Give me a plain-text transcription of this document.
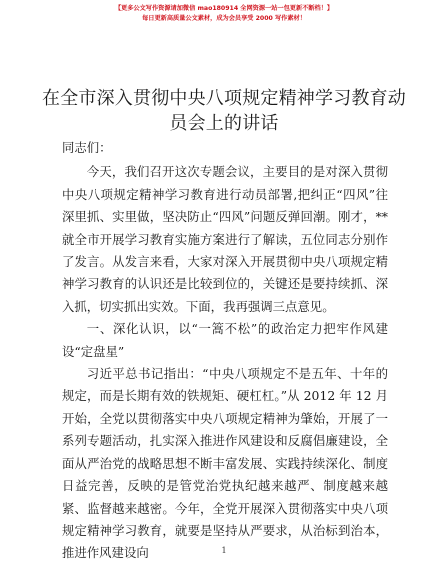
【更多公文写作资源请加微信 mao180914 全网资源一站一包更新不断档！】
每日更新高质量公文素材，成为会员享受 2000 写作素材！
在全市深入贯彻中央八项规定精神学习教育动
员会上的讲话

同志们：

今天，我们召开这次专题会议，主要目的是对深入贯彻中央八项规定精神学习教育进行动员部署,把纠正“四风”往深里抓、实里做，坚决防止“四风”问题反弹回潮。刚才，**就全市开展学习教育实施方案进行了解读，五位同志分别作了发言。从发言来看，大家对深入开展贯彻中央八项规定精神学习教育的认识还是比较到位的，关键还是要持续抓、深入抓，切实抓出实效。下面，我再强调三点意见。

一、深化认识，以“一篙不松”的政治定力把牢作风建设“定盘星”

习近平总书记指出：“中央八项规定不是五年、十年的规定，而是长期有效的铁规矩、硬杠杠。”从 2012 年 12 月开始，全党以贯彻落实中央八项规定精神为肇始，开展了一系列专题活动，扎实深入推进作风建设和反腐倡廉建设，全面从严治党的战略思想不断丰富发展、实践持续深化、制度日益完善，反映的是管党治党执纪越来越严、制度越来越紧、监督越来越密。今年，全党开展深入贯彻落实中央八项规定精神学习教育，就要是坚持从严要求，从治标到治本，推进作风建设向	1
